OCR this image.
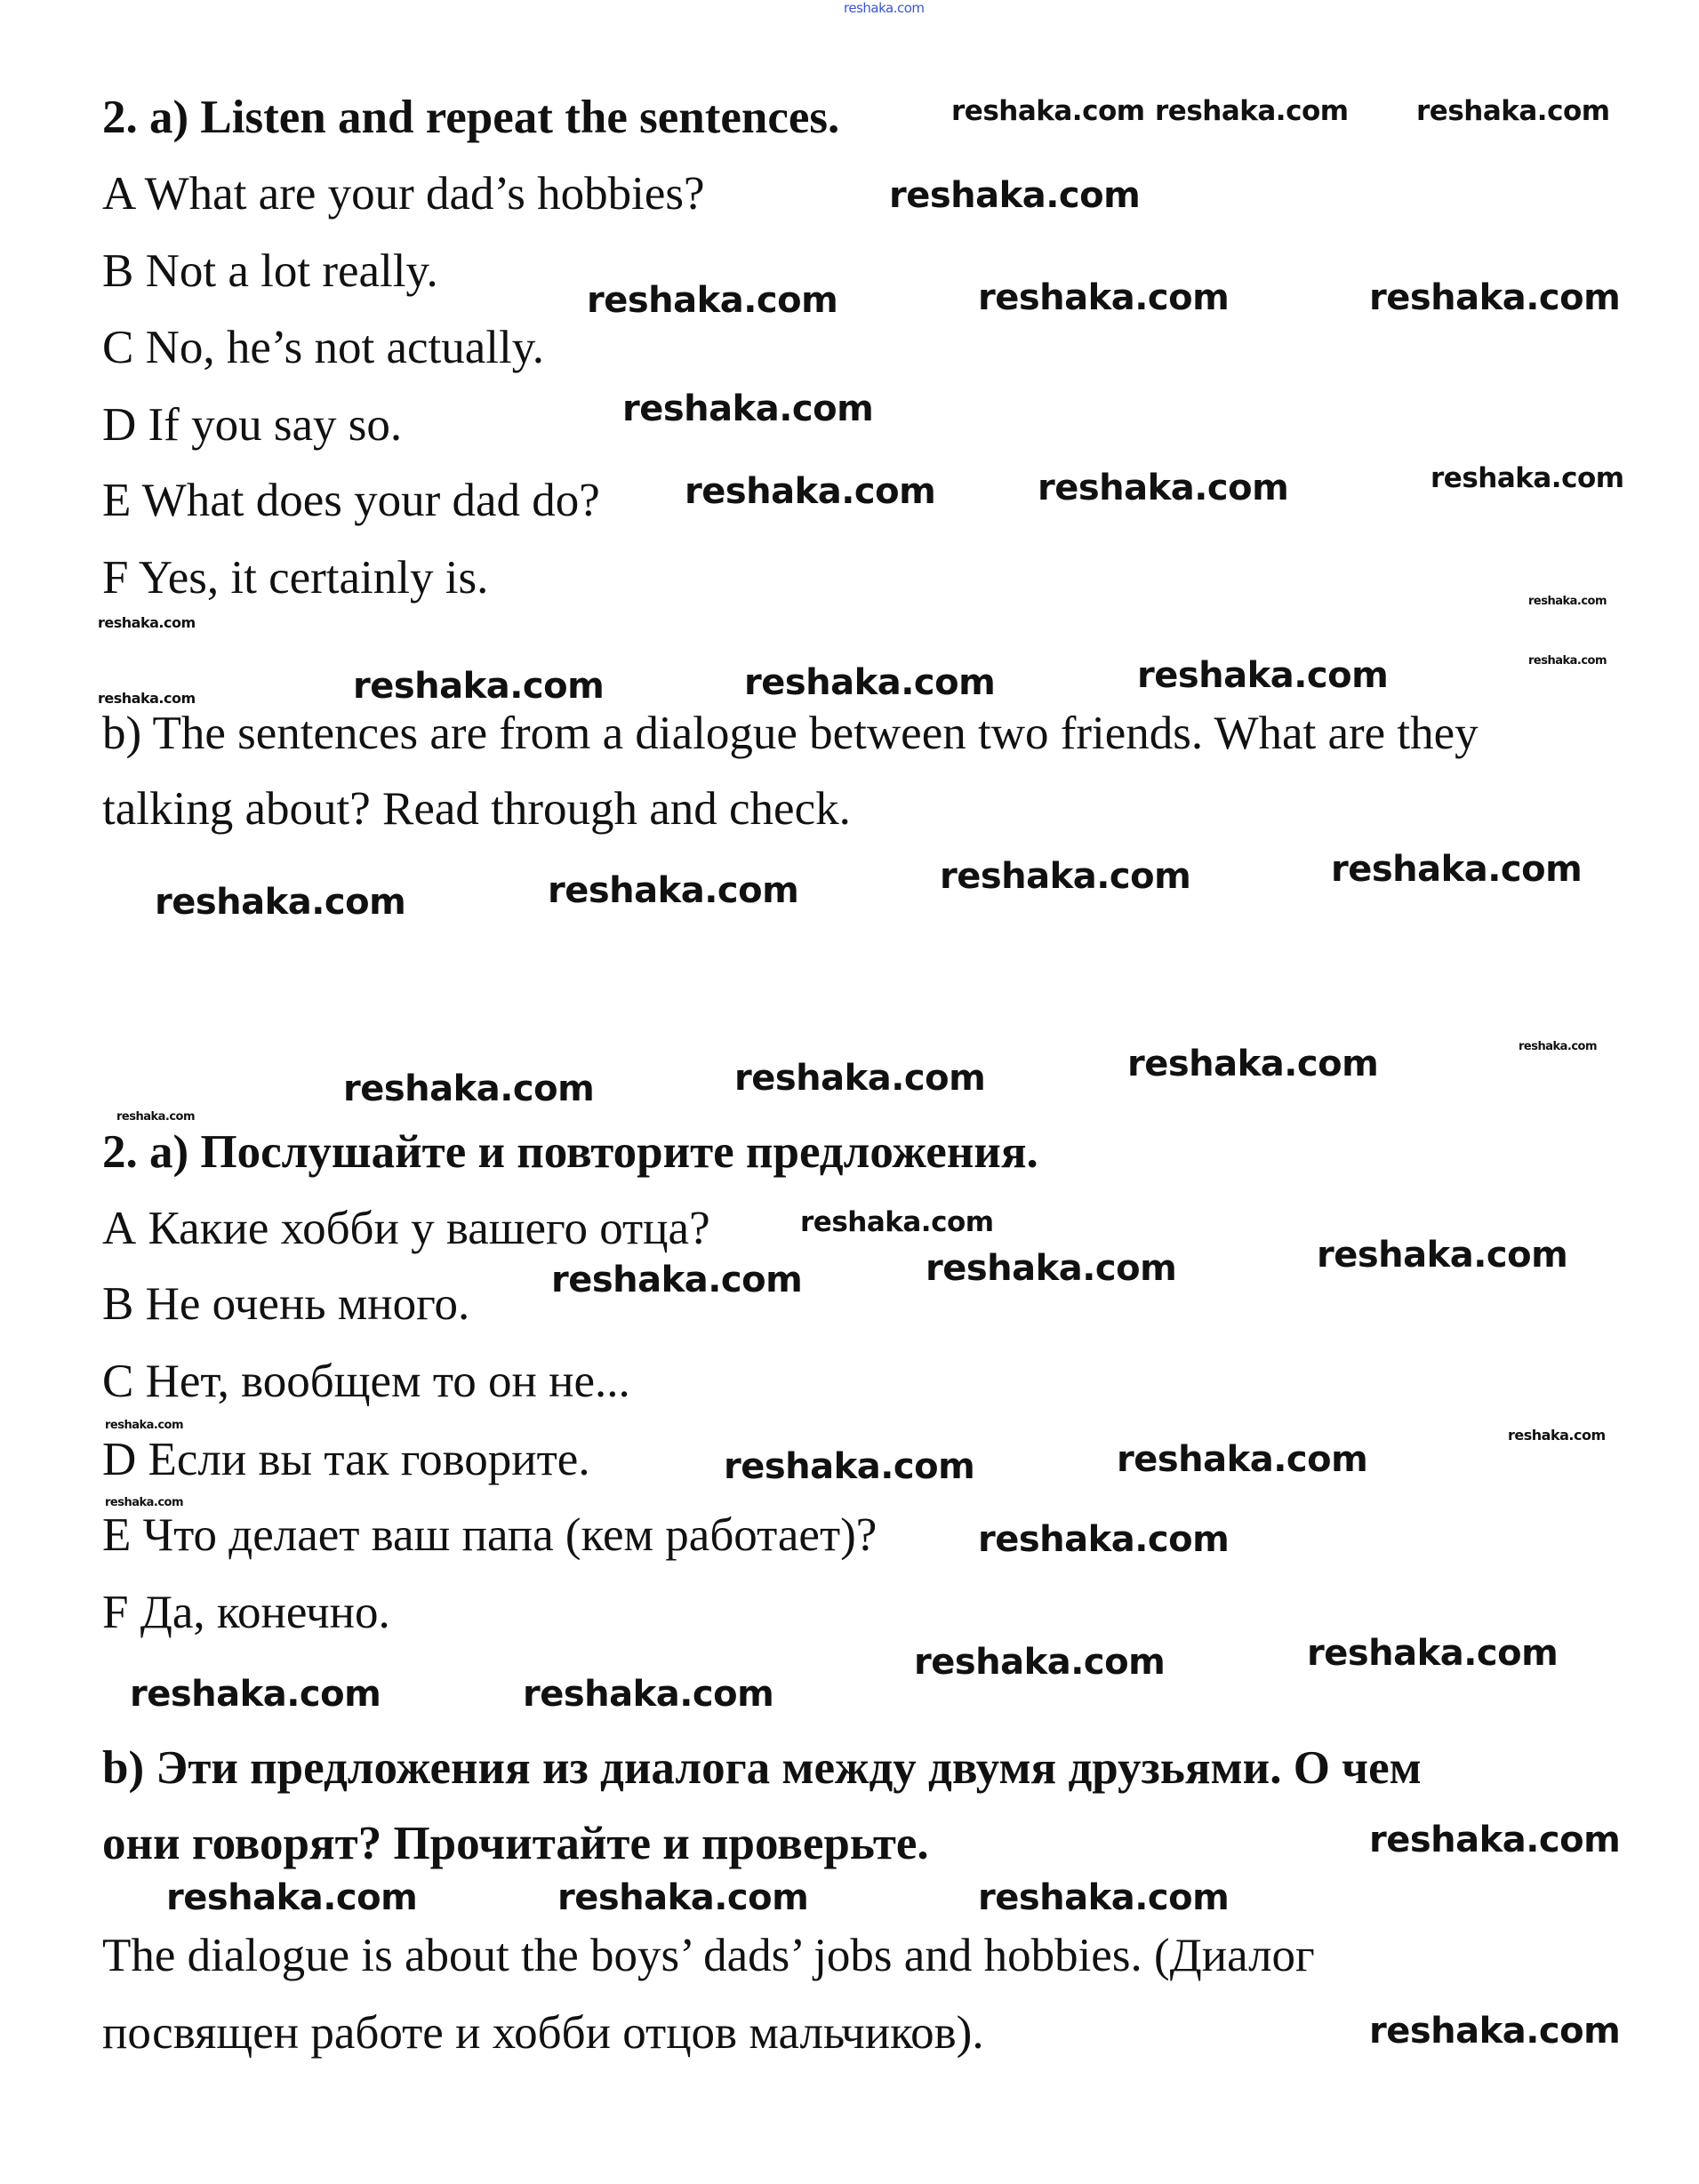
2. a) Listen and repeat the sentences.
A What are your dad’s hobbies?
B Not a lot really.
C No, he’s not actually.
D If you say so.
E What does your dad do?
F Yes, it certainly is.
b) The sentences are from a dialogue between two friends. What are they
talking about? Read through and check.
2. а) Послушайте и повторите предложения.
А Какие хобби у вашего отца?
В Не очень много.
С Нет, вообщем то он не...
D Если вы так говорите.
Е Что делает ваш папа (кем работает)?
F Да, конечно.
b) Эти предложения из диалога между двумя друзьями. О чем
они говорят? Прочитайте и проверьте.
The dialogue is about the boys’ dads’ jobs and hobbies. (Диалог
посвящен работе и хобби отцов мальчиков).
reshaka.com
reshaka.com reshaka.com reshaka.com
reshaka.com
reshaka.com	reshaka.com	reshaka.com
reshaka.com
reshaka.com	reshaka.com	reshaka.com
reshaka.com
reshaka.com
reshaka.com
reshaka.com	reshaka.com	reshaka.com	reshaka.com
reshaka.com	reshaka.com	reshaka.com	reshaka.com
reshaka.com
reshaka.com	reshaka.com	reshaka.com
reshaka.com
reshaka.com
reshaka.com	reshaka.com	reshaka.com
reshaka.com
reshaka.com
reshaka.com	reshaka.com
reshaka.com
reshaka.com
reshaka.com	reshaka.com
reshaka.com	reshaka.com
reshaka.com
reshaka.com	reshaka.com	reshaka.com
reshaka.com
